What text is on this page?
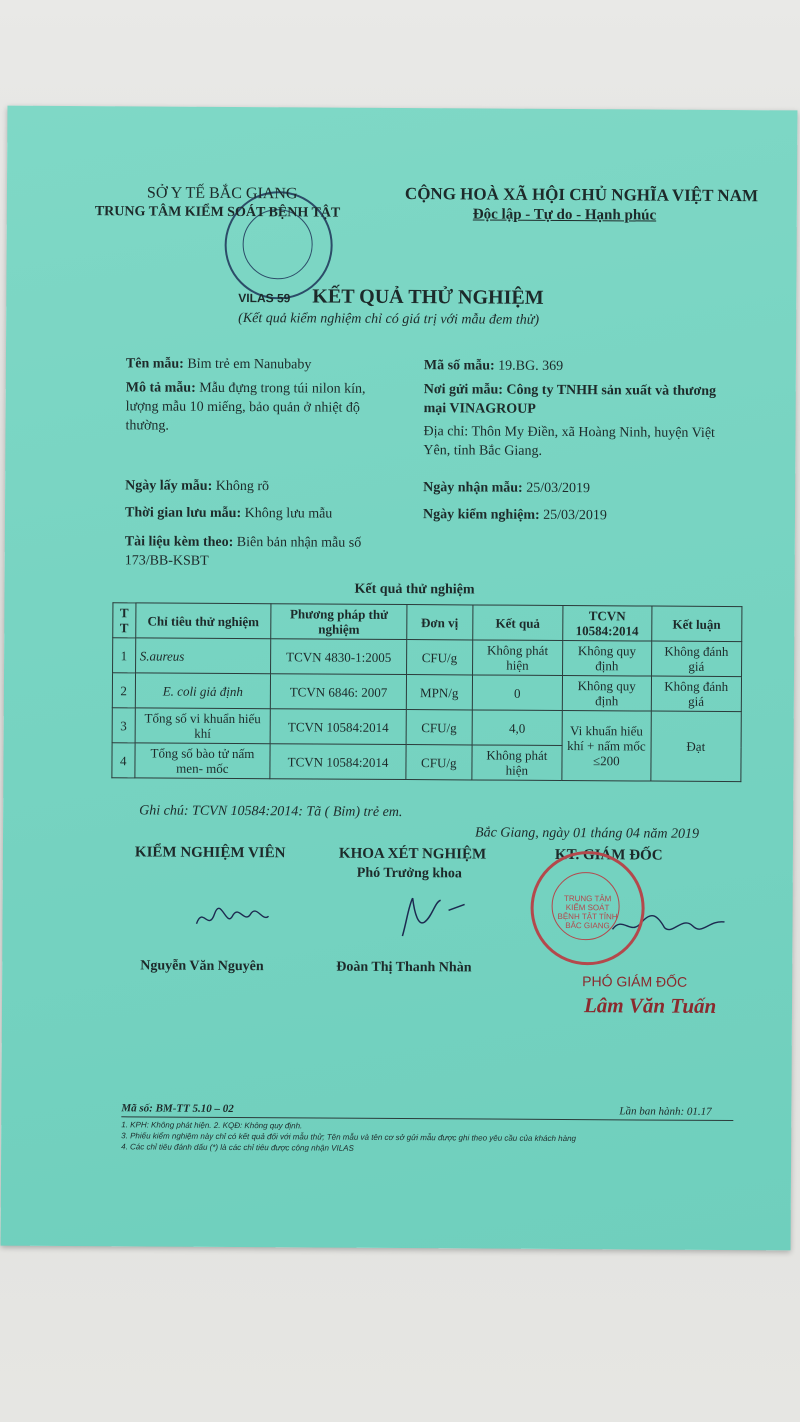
SỞ Y TẾ BẮC GIANG
TRUNG TÂM KIỂM SOÁT BỆNH TẬT
CỘNG HOÀ XÃ HỘI CHỦ NGHĨA VIỆT NAM
Độc lập - Tự do - Hạnh phúc
VILAS 59 KẾT QUẢ THỬ NGHIỆM
(Kết quả kiểm nghiệm chỉ có giá trị với mẫu đem thử)
Tên mẫu: Bỉm trẻ em Nanubaby
Mô tả mẫu: Mẫu đựng trong túi nilon kín, lượng mẫu 10 miếng, bảo quản ở nhiệt độ thường.
Ngày lấy mẫu: Không rõ
Thời gian lưu mẫu: Không lưu mẫu
Tài liệu kèm theo: Biên bản nhận mẫu số 173/BB-KSBT
Mã số mẫu: 19.BG. 369
Nơi gửi mẫu: Công ty TNHH sản xuất và thương mại VINAGROUP
Địa chỉ: Thôn My Điền, xã Hoàng Ninh, huyện Việt Yên, tỉnh Bắc Giang.
Ngày nhận mẫu: 25/03/2019
Ngày kiểm nghiệm: 25/03/2019
Kết quả thử nghiệm
T T	Chỉ tiêu thử nghiệm	Phương pháp thử nghiệm	Đơn vị	Kết quả	TCVN 10584:2014	Kết luận
1	S.aureus	TCVN 4830-1:2005	CFU/g	Không phát hiện	Không quy định	Không đánh giá
2	E. coli giả định	TCVN 6846: 2007	MPN/g	0	Không quy định	Không đánh giá
3	Tổng số vi khuẩn hiếu khí	TCVN 10584:2014	CFU/g	4,0	Vi khuẩn hiếu khí + nấm mốc ≤200	Đạt
4	Tổng số bào tử nấm men- mốc	TCVN 10584:2014	CFU/g	Không phát hiện		
Ghi chú: TCVN 10584:2014: Tã ( Bỉm) trẻ em.
Bắc Giang, ngày 01 tháng 04 năm 2019
KIỂM NGHIỆM VIÊN	KHOA XÉT NGHIỆM
Phó Trưởng khoa
KT. GIÁM ĐỐC
TRUNG TÂM KIỂM SOÁT BỆNH TẬT TỈNH BẮC GIANG
Nguyễn Văn Nguyên	Đoàn Thị Thanh Nhàn
PHÓ GIÁM ĐỐC
Lâm Văn Tuấn
Mã số: BM-TT 5.10 – 02	Lần ban hành: 01.17
1. KPH: Không phát hiện. 2. KQĐ: Không quy định.
3. Phiếu kiểm nghiệm này chỉ có kết quả đối với mẫu thử; Tên mẫu và tên cơ sở gửi mẫu được ghi theo yêu cầu của khách hàng
4. Các chỉ tiêu đánh dấu (*) là các chỉ tiêu được công nhận VILAS
